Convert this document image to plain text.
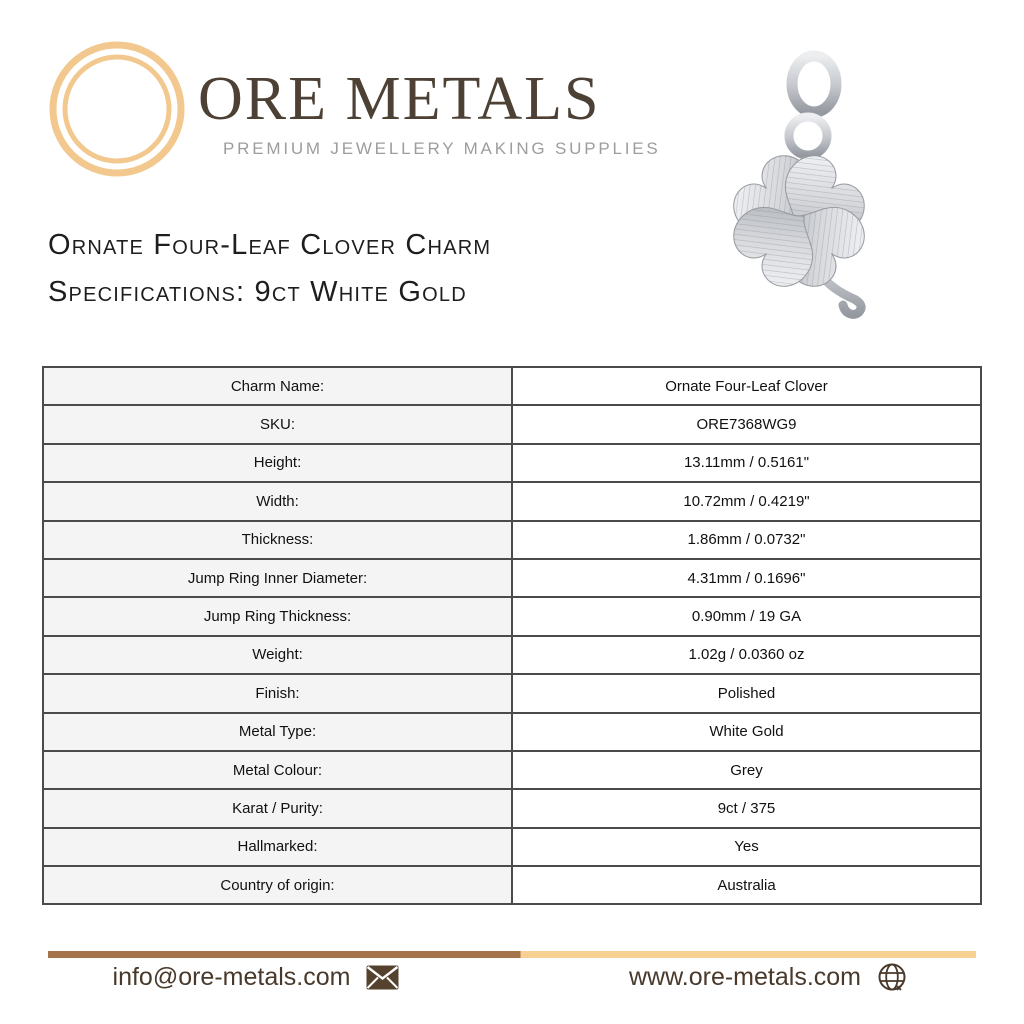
ORE METALS
PREMIUM JEWELLERY MAKING SUPPLIES
Ornate Four-Leaf Clover Charm
Specifications: 9ct White Gold
Charm Name:	Ornate Four-Leaf Clover
SKU:	ORE7368WG9
Height:	13.11mm / 0.5161"
Width:	10.72mm / 0.4219"
Thickness:	1.86mm / 0.0732"
Jump Ring Inner Diameter:	4.31mm / 0.1696"
Jump Ring Thickness:	0.90mm / 19 GA
Weight:	1.02g / 0.0360 oz
Finish:	Polished
Metal Type:	White Gold
Metal Colour:	Grey
Karat / Purity:	9ct / 375
Hallmarked:	Yes
Country of origin:	Australia
info@ore-metals.com	www.ore-metals.com
